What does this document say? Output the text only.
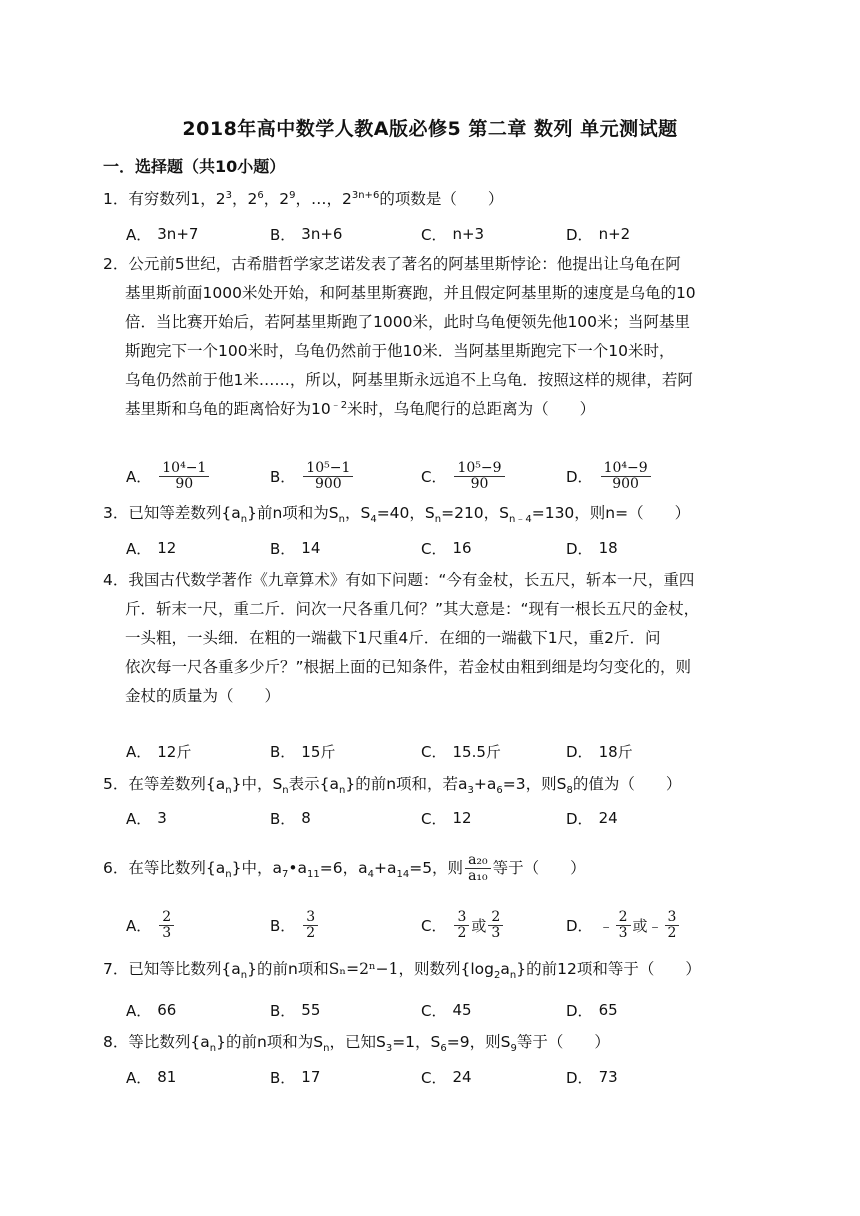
2018年高中数学人教A版必修5 第二章 数列 单元测试题
一．选择题（共10小题）
1．有穷数列1，$2^3$，$2^6$，$2^9$，…，$2^{3n+6}$的项数是（　　）
A． 3n+7	B． 3n+6	C． n+3	D． n+2
2．公元前5世纪，古希腊哲学家芝诺发表了著名的阿基里斯悖论：他提出让乌龟在阿
基里斯前面1000米处开始，和阿基里斯赛跑，并且假定阿基里斯的速度是乌龟的10
倍．当比赛开始后，若阿基里斯跑了1000米，此时乌龟便领先他100米；当阿基里
斯跑完下一个100米时，乌龟仍然前于他10米．当阿基里斯跑完下一个10米时，
乌龟仍然前于他1米……，所以，阿基里斯永远追不上乌龟．按照这样的规律，若阿
基里斯和乌龟的距离恰好为$10^{﹣2}$米时，乌龟爬行的总距离为（　　）
A． $\frac{\text{10⁴−1}}{90}$	B． $\frac{\text{10⁵−1}}{900}$	C． $\frac{\text{10⁵−9}}{90}$	D． $\frac{\text{10⁴−9}}{900}$
3．已知等差数列$\{a_n\}$前n项和为$S_n$，$S_4=40$，$S_n=210$，$S_{n﹣4}=130$，则n=（　　）
A． 12	B． 14	C． 16	D． 18
4．我国古代数学著作《九章算术》有如下问题：“今有金杖，长五尺，斩本一尺，重四
斤．斩末一尺，重二斤．问次一尺各重几何？”其大意是：“现有一根长五尺的金杖，
一头粗，一头细．在粗的一端截下1尺重4斤．在细的一端截下1尺，重2斤．问
依次每一尺各重多少斤？”根据上面的已知条件，若金杖由粗到细是均匀变化的，则
金杖的质量为（　　）
A． 12斤	B． 15斤	C． 15.5斤	D． 18斤
5．在等差数列$\{a_n\}$中，$S_n$表示$\{a_n\}$的前n项和，若$a_3+a_6=3$，则$S_8$的值为（　　）
A． 3	B． 8	C． 12	D． 24
6．在等比数列$\{a_n\}$中，$a_7•a_{11}=6$，$a_4+a_{14}=5$，则 $\frac{\text{a₂₀}}{\text{a₁₀}}$ 等于（　　）
A． $\frac{2}{3}$	B． $\frac{3}{2}$	C． $\frac{3}{2}$ 或 $\frac{2}{3}$	D． ﹣ $\frac{2}{3}$ 或﹣ $\frac{3}{2}$
7．已知等比数列$\{a_n\}$的前n项和Sₙ=2ⁿ−1，则数列$\{\log_2a_n\}$的前12项和等于（　　）
A． 66	B． 55	C． 45	D． 65
8．等比数列$\{a_n\}$的前n项和为$S_n$，已知$S_3=1$，$S_6=9$，则$S_9$等于（　　）
A． 81	B． 17	C． 24	D． 73
